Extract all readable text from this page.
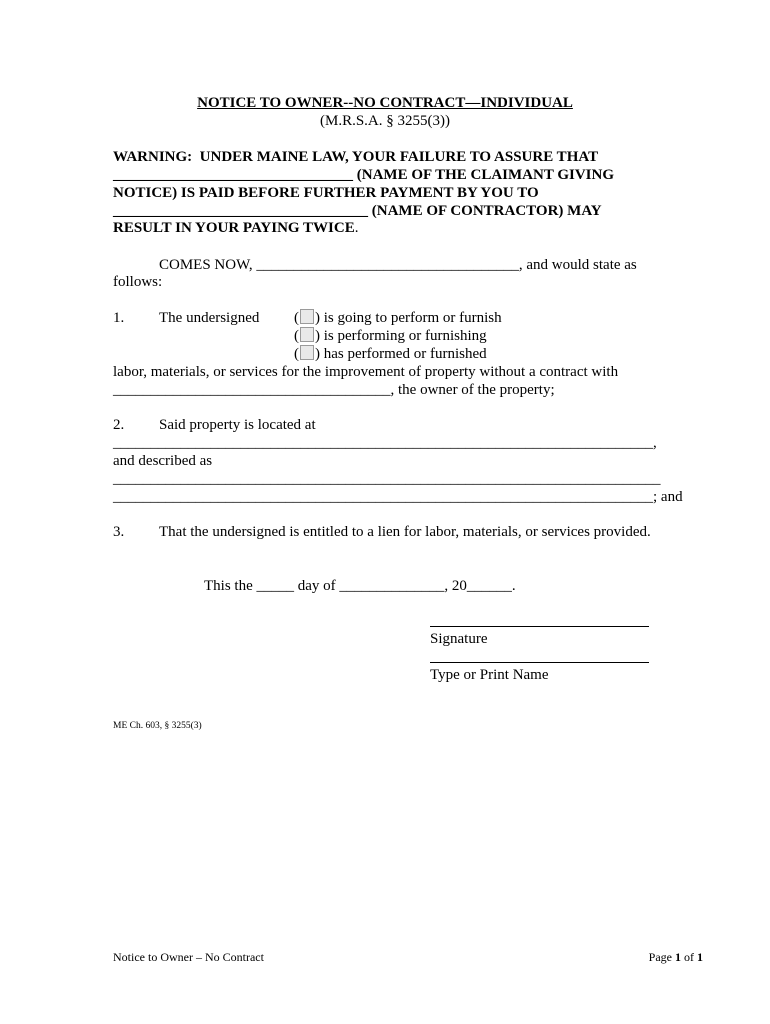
NOTICE TO OWNER--NO CONTRACT—INDIVIDUAL
(M.R.S.A. § 3255(3))
WARNING:  UNDER MAINE LAW, YOUR FAILURE TO ASSURE THAT
________________________________ (NAME OF THE CLAIMANT GIVING
NOTICE) IS PAID BEFORE FURTHER PAYMENT BY YOU TO
__________________________________ (NAME OF CONTRACTOR) MAY
RESULT IN YOUR PAYING TWICE.
COMES NOW, ___________________________________, and would state as
follows:
1. The undersigned ( ) is going to perform or furnish
( ) is performing or furnishing
( ) has performed or furnished
labor, materials, or services for the improvement of property without a contract with
_____________________________________, the owner of the property;
2. Said property is located at
________________________________________________________________________,
and described as
_________________________________________________________________________
________________________________________________________________________; and
3. That the undersigned is entitled to a lien for labor, materials, or services provided.
This the _____ day of ______________, 20______.
Signature
Type or Print Name
ME Ch. 603, § 3255(3)
Notice to Owner – No Contract	Page 1 of 1
